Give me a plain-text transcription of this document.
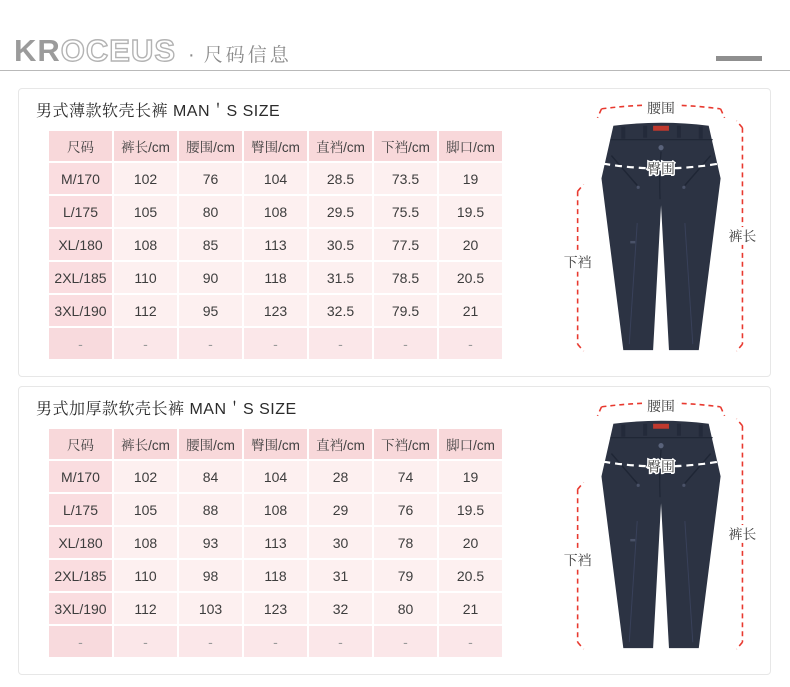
KROCEUS · 尺码信息
男式薄款软壳长裤 MAN＇S SIZE
尺码	裤长/cm	腰围/cm	臀围/cm	直裆/cm	下裆/cm	脚口/cm
M/170	102	76	104	28.5	73.5	19
L/175	105	80	108	29.5	75.5	19.5
XL/180	108	85	113	30.5	77.5	20
2XL/185	110	90	118	31.5	78.5	20.5
3XL/190	112	95	123	32.5	79.5	21
-	-	-	-	-	-	-
腰围
臀围
裤长
下裆
男式加厚款软壳长裤 MAN＇S SIZE
尺码	裤长/cm	腰围/cm	臀围/cm	直裆/cm	下裆/cm	脚口/cm
M/170	102	84	104	28	74	19
L/175	105	88	108	29	76	19.5
XL/180	108	93	113	30	78	20
2XL/185	110	98	118	31	79	20.5
3XL/190	112	103	123	32	80	21
-	-	-	-	-	-	-
腰围
臀围
裤长
下裆
